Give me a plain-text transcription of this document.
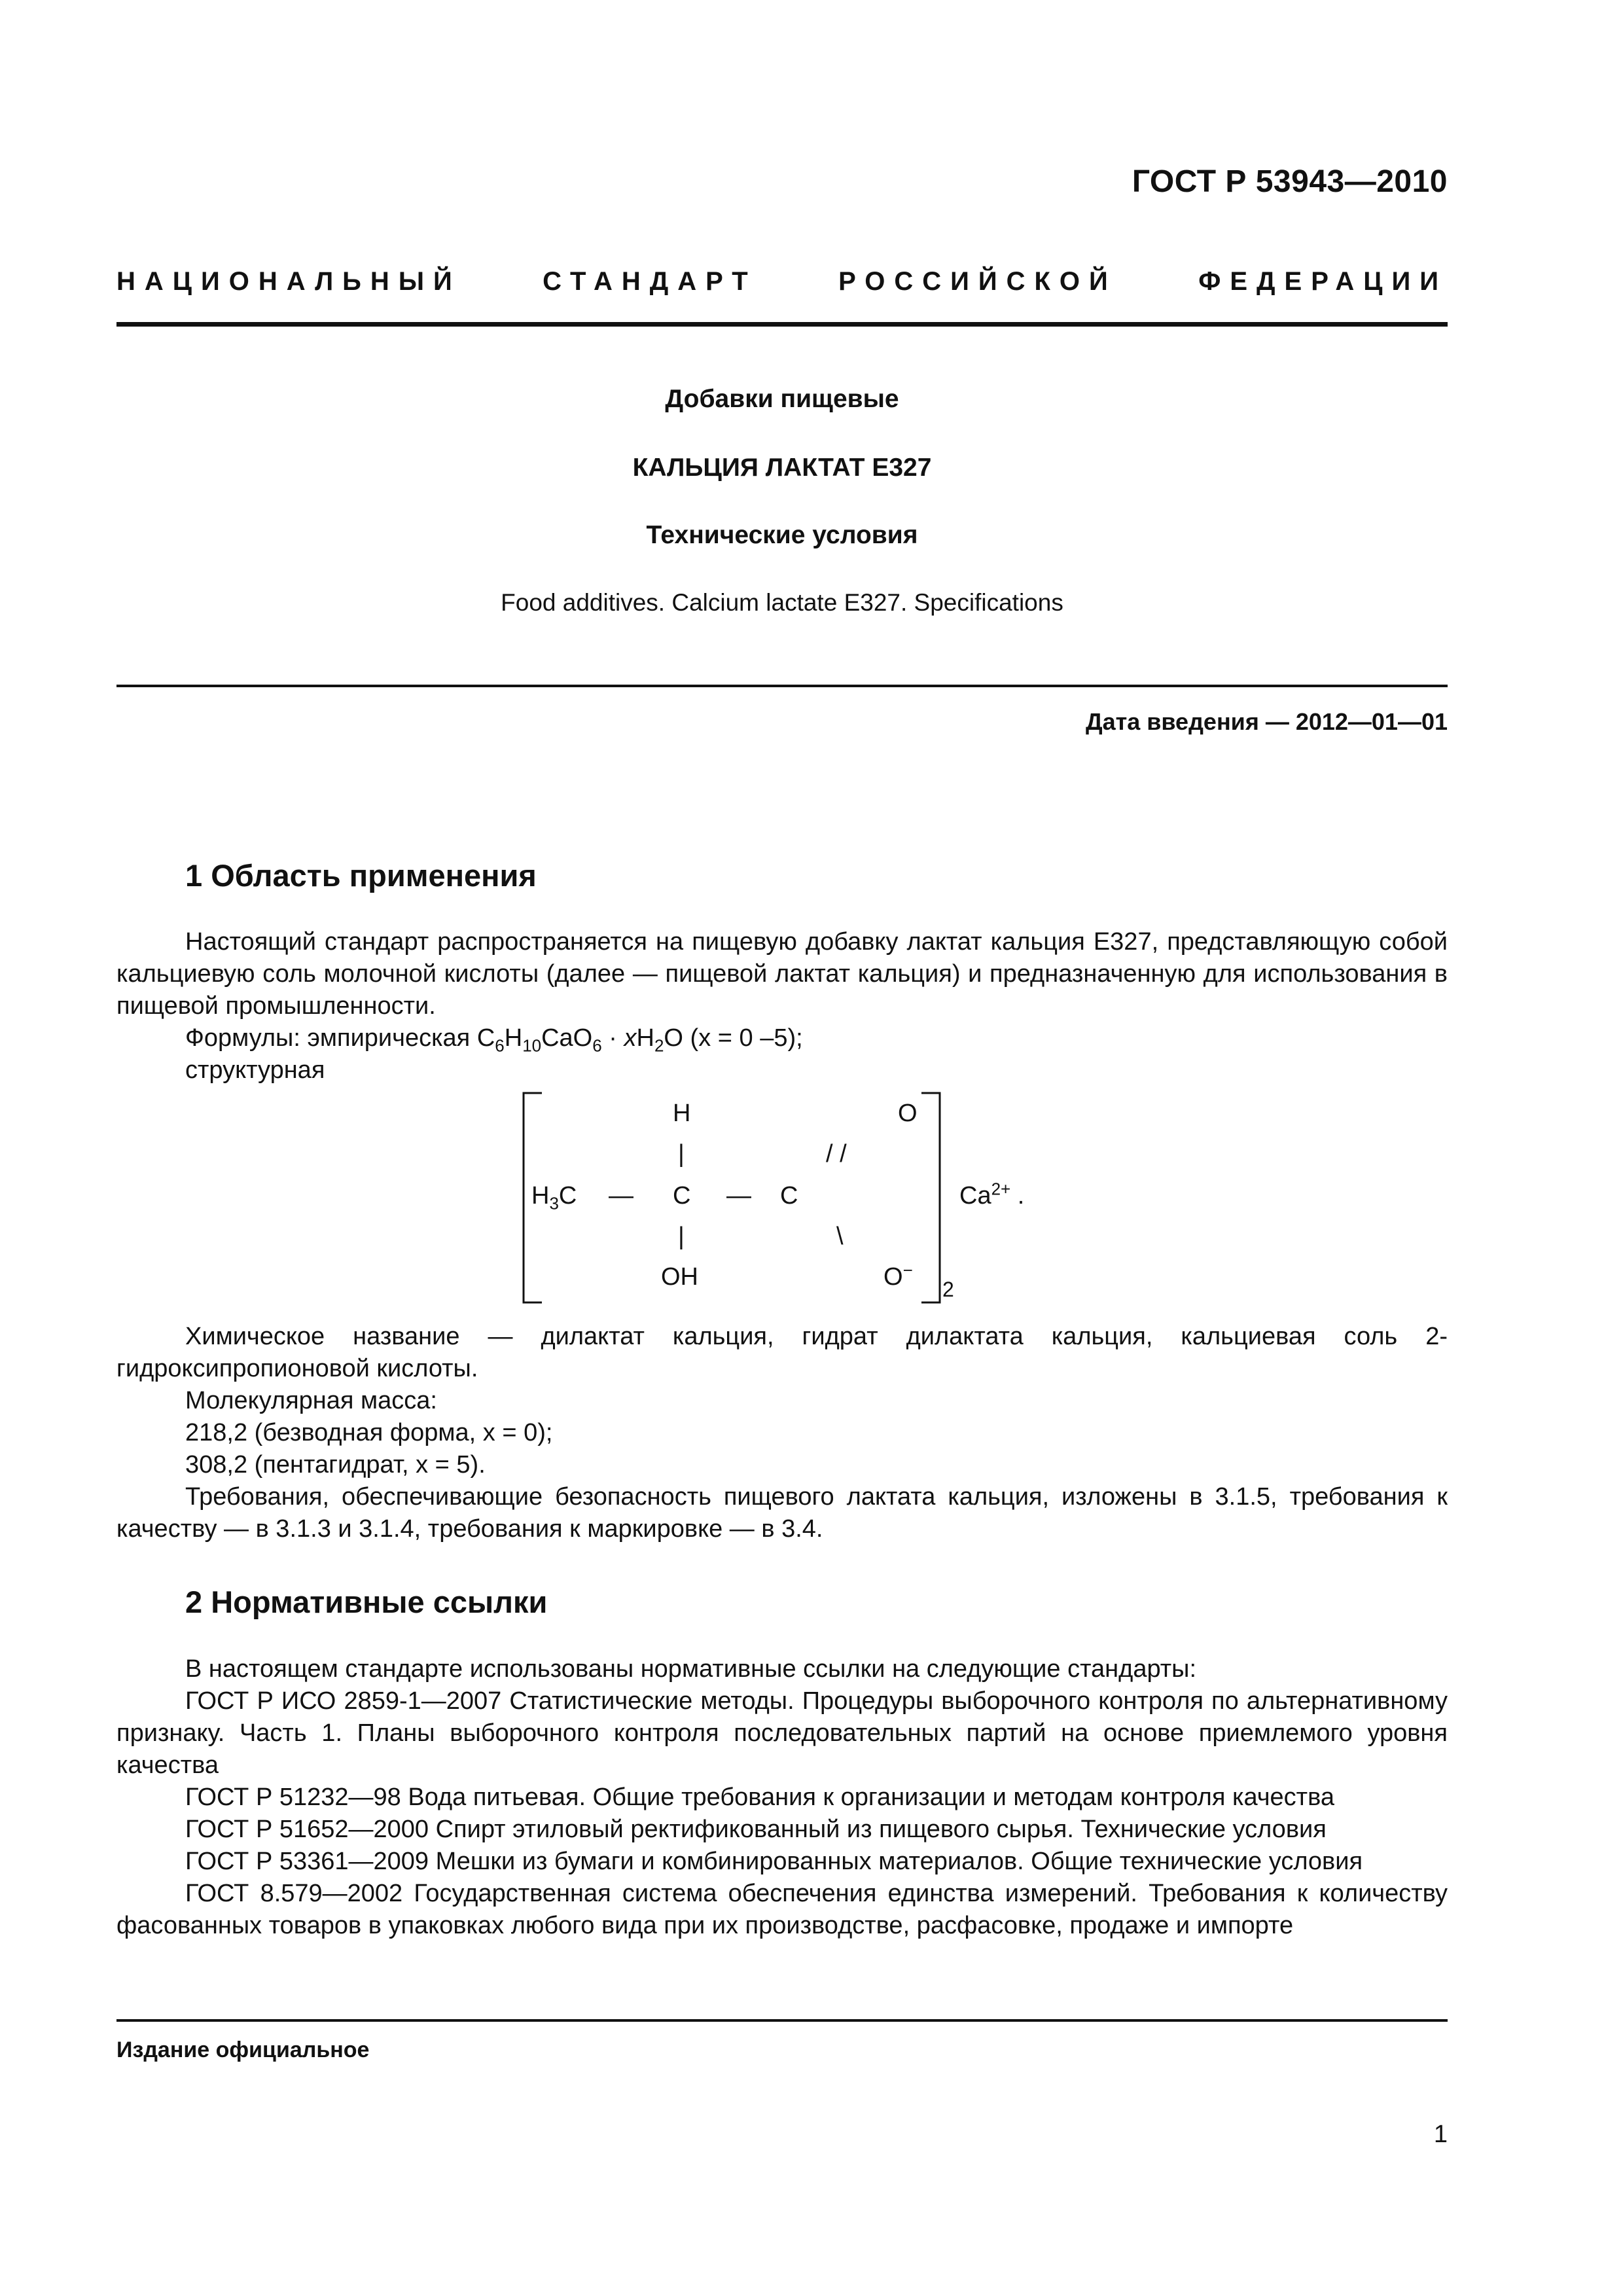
ГОСТ Р 53943—2010
НАЦИОНАЛЬНЫЙ	СТАНДАРТ	РОССИЙСКОЙ	ФЕДЕРАЦИИ
Добавки пищевые
КАЛЬЦИЯ ЛАКТАТ Е327
Технические условия
Food additives. Calcium lactate E327. Specifications
Дата введения — 2012—01—01
1 Область применения

Настоящий стандарт распространяется на пищевую добавку лактат кальция Е327, представляющую собой кальциевую соль молочной кислоты (далее — пищевой лактат кальция) и предназначенную для использования в пищевой промышленности.

Формулы: эмпирическая $C_6H_{10}CaO_6 \cdot xH_2O$ (x = 0 –5);

структурная

H	O
|	/ /
$H_3C$ — C — C	$Ca^{2+}$ .
|	\
OH	O−
2

Химическое название — дилактат кальция, гидрат дилактата кальция, кальциевая соль 2-гидроксипропионовой кислоты.

Молекулярная масса:

218,2 (безводная форма, x = 0);

308,2 (пентагидрат, x = 5).

Требования, обеспечивающие безопасность пищевого лактата кальция, изложены в 3.1.5, требования к качеству — в 3.1.3 и 3.1.4, требования к маркировке — в 3.4.

2 Нормативные ссылки

В настоящем стандарте использованы нормативные ссылки на следующие стандарты:

ГОСТ Р ИСО 2859-1—2007 Статистические методы. Процедуры выборочного контроля по альтернативному признаку. Часть 1. Планы выборочного контроля последовательных партий на основе приемлемого уровня качества

ГОСТ Р 51232—98 Вода питьевая. Общие требования к организации и методам контроля качества

ГОСТ Р 51652—2000 Спирт этиловый ректификованный из пищевого сырья. Технические условия

ГОСТ Р 53361—2009 Мешки из бумаги и комбинированных материалов. Общие технические условия

ГОСТ 8.579—2002 Государственная система обеспечения единства измерений. Требования к количеству фасованных товаров в упаковках любого вида при их производстве, расфасовке, продаже и импорте

Издание официальное
1
